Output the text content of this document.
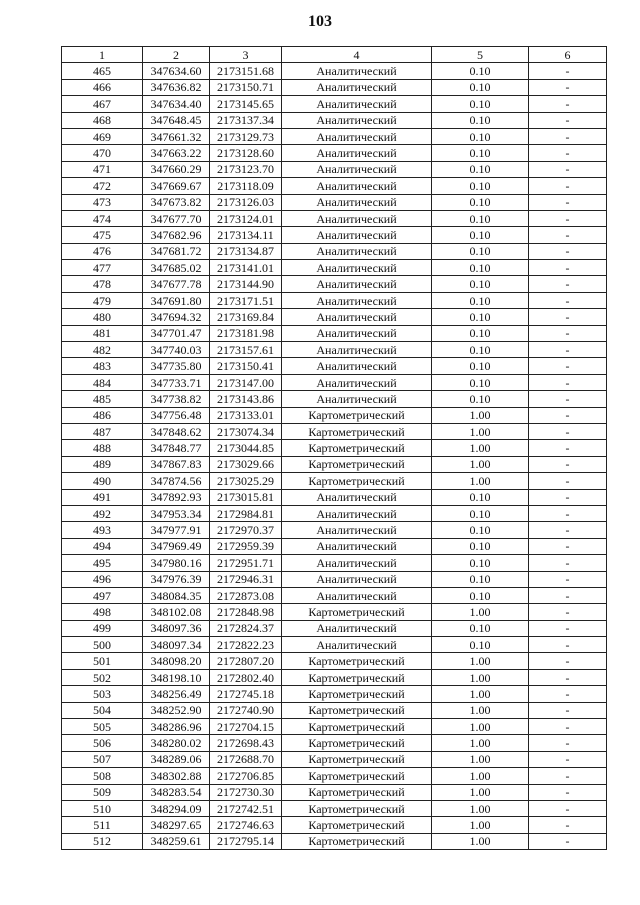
103
1	2	3	4	5	6
465	347634.60	2173151.68	Аналитический	0.10	-
466	347636.82	2173150.71	Аналитический	0.10	-
467	347634.40	2173145.65	Аналитический	0.10	-
468	347648.45	2173137.34	Аналитический	0.10	-
469	347661.32	2173129.73	Аналитический	0.10	-
470	347663.22	2173128.60	Аналитический	0.10	-
471	347660.29	2173123.70	Аналитический	0.10	-
472	347669.67	2173118.09	Аналитический	0.10	-
473	347673.82	2173126.03	Аналитический	0.10	-
474	347677.70	2173124.01	Аналитический	0.10	-
475	347682.96	2173134.11	Аналитический	0.10	-
476	347681.72	2173134.87	Аналитический	0.10	-
477	347685.02	2173141.01	Аналитический	0.10	-
478	347677.78	2173144.90	Аналитический	0.10	-
479	347691.80	2173171.51	Аналитический	0.10	-
480	347694.32	2173169.84	Аналитический	0.10	-
481	347701.47	2173181.98	Аналитический	0.10	-
482	347740.03	2173157.61	Аналитический	0.10	-
483	347735.80	2173150.41	Аналитический	0.10	-
484	347733.71	2173147.00	Аналитический	0.10	-
485	347738.82	2173143.86	Аналитический	0.10	-
486	347756.48	2173133.01	Картометрический	1.00	-
487	347848.62	2173074.34	Картометрический	1.00	-
488	347848.77	2173044.85	Картометрический	1.00	-
489	347867.83	2173029.66	Картометрический	1.00	-
490	347874.56	2173025.29	Картометрический	1.00	-
491	347892.93	2173015.81	Аналитический	0.10	-
492	347953.34	2172984.81	Аналитический	0.10	-
493	347977.91	2172970.37	Аналитический	0.10	-
494	347969.49	2172959.39	Аналитический	0.10	-
495	347980.16	2172951.71	Аналитический	0.10	-
496	347976.39	2172946.31	Аналитический	0.10	-
497	348084.35	2172873.08	Аналитический	0.10	-
498	348102.08	2172848.98	Картометрический	1.00	-
499	348097.36	2172824.37	Аналитический	0.10	-
500	348097.34	2172822.23	Аналитический	0.10	-
501	348098.20	2172807.20	Картометрический	1.00	-
502	348198.10	2172802.40	Картометрический	1.00	-
503	348256.49	2172745.18	Картометрический	1.00	-
504	348252.90	2172740.90	Картометрический	1.00	-
505	348286.96	2172704.15	Картометрический	1.00	-
506	348280.02	2172698.43	Картометрический	1.00	-
507	348289.06	2172688.70	Картометрический	1.00	-
508	348302.88	2172706.85	Картометрический	1.00	-
509	348283.54	2172730.30	Картометрический	1.00	-
510	348294.09	2172742.51	Картометрический	1.00	-
511	348297.65	2172746.63	Картометрический	1.00	-
512	348259.61	2172795.14	Картометрический	1.00	-
